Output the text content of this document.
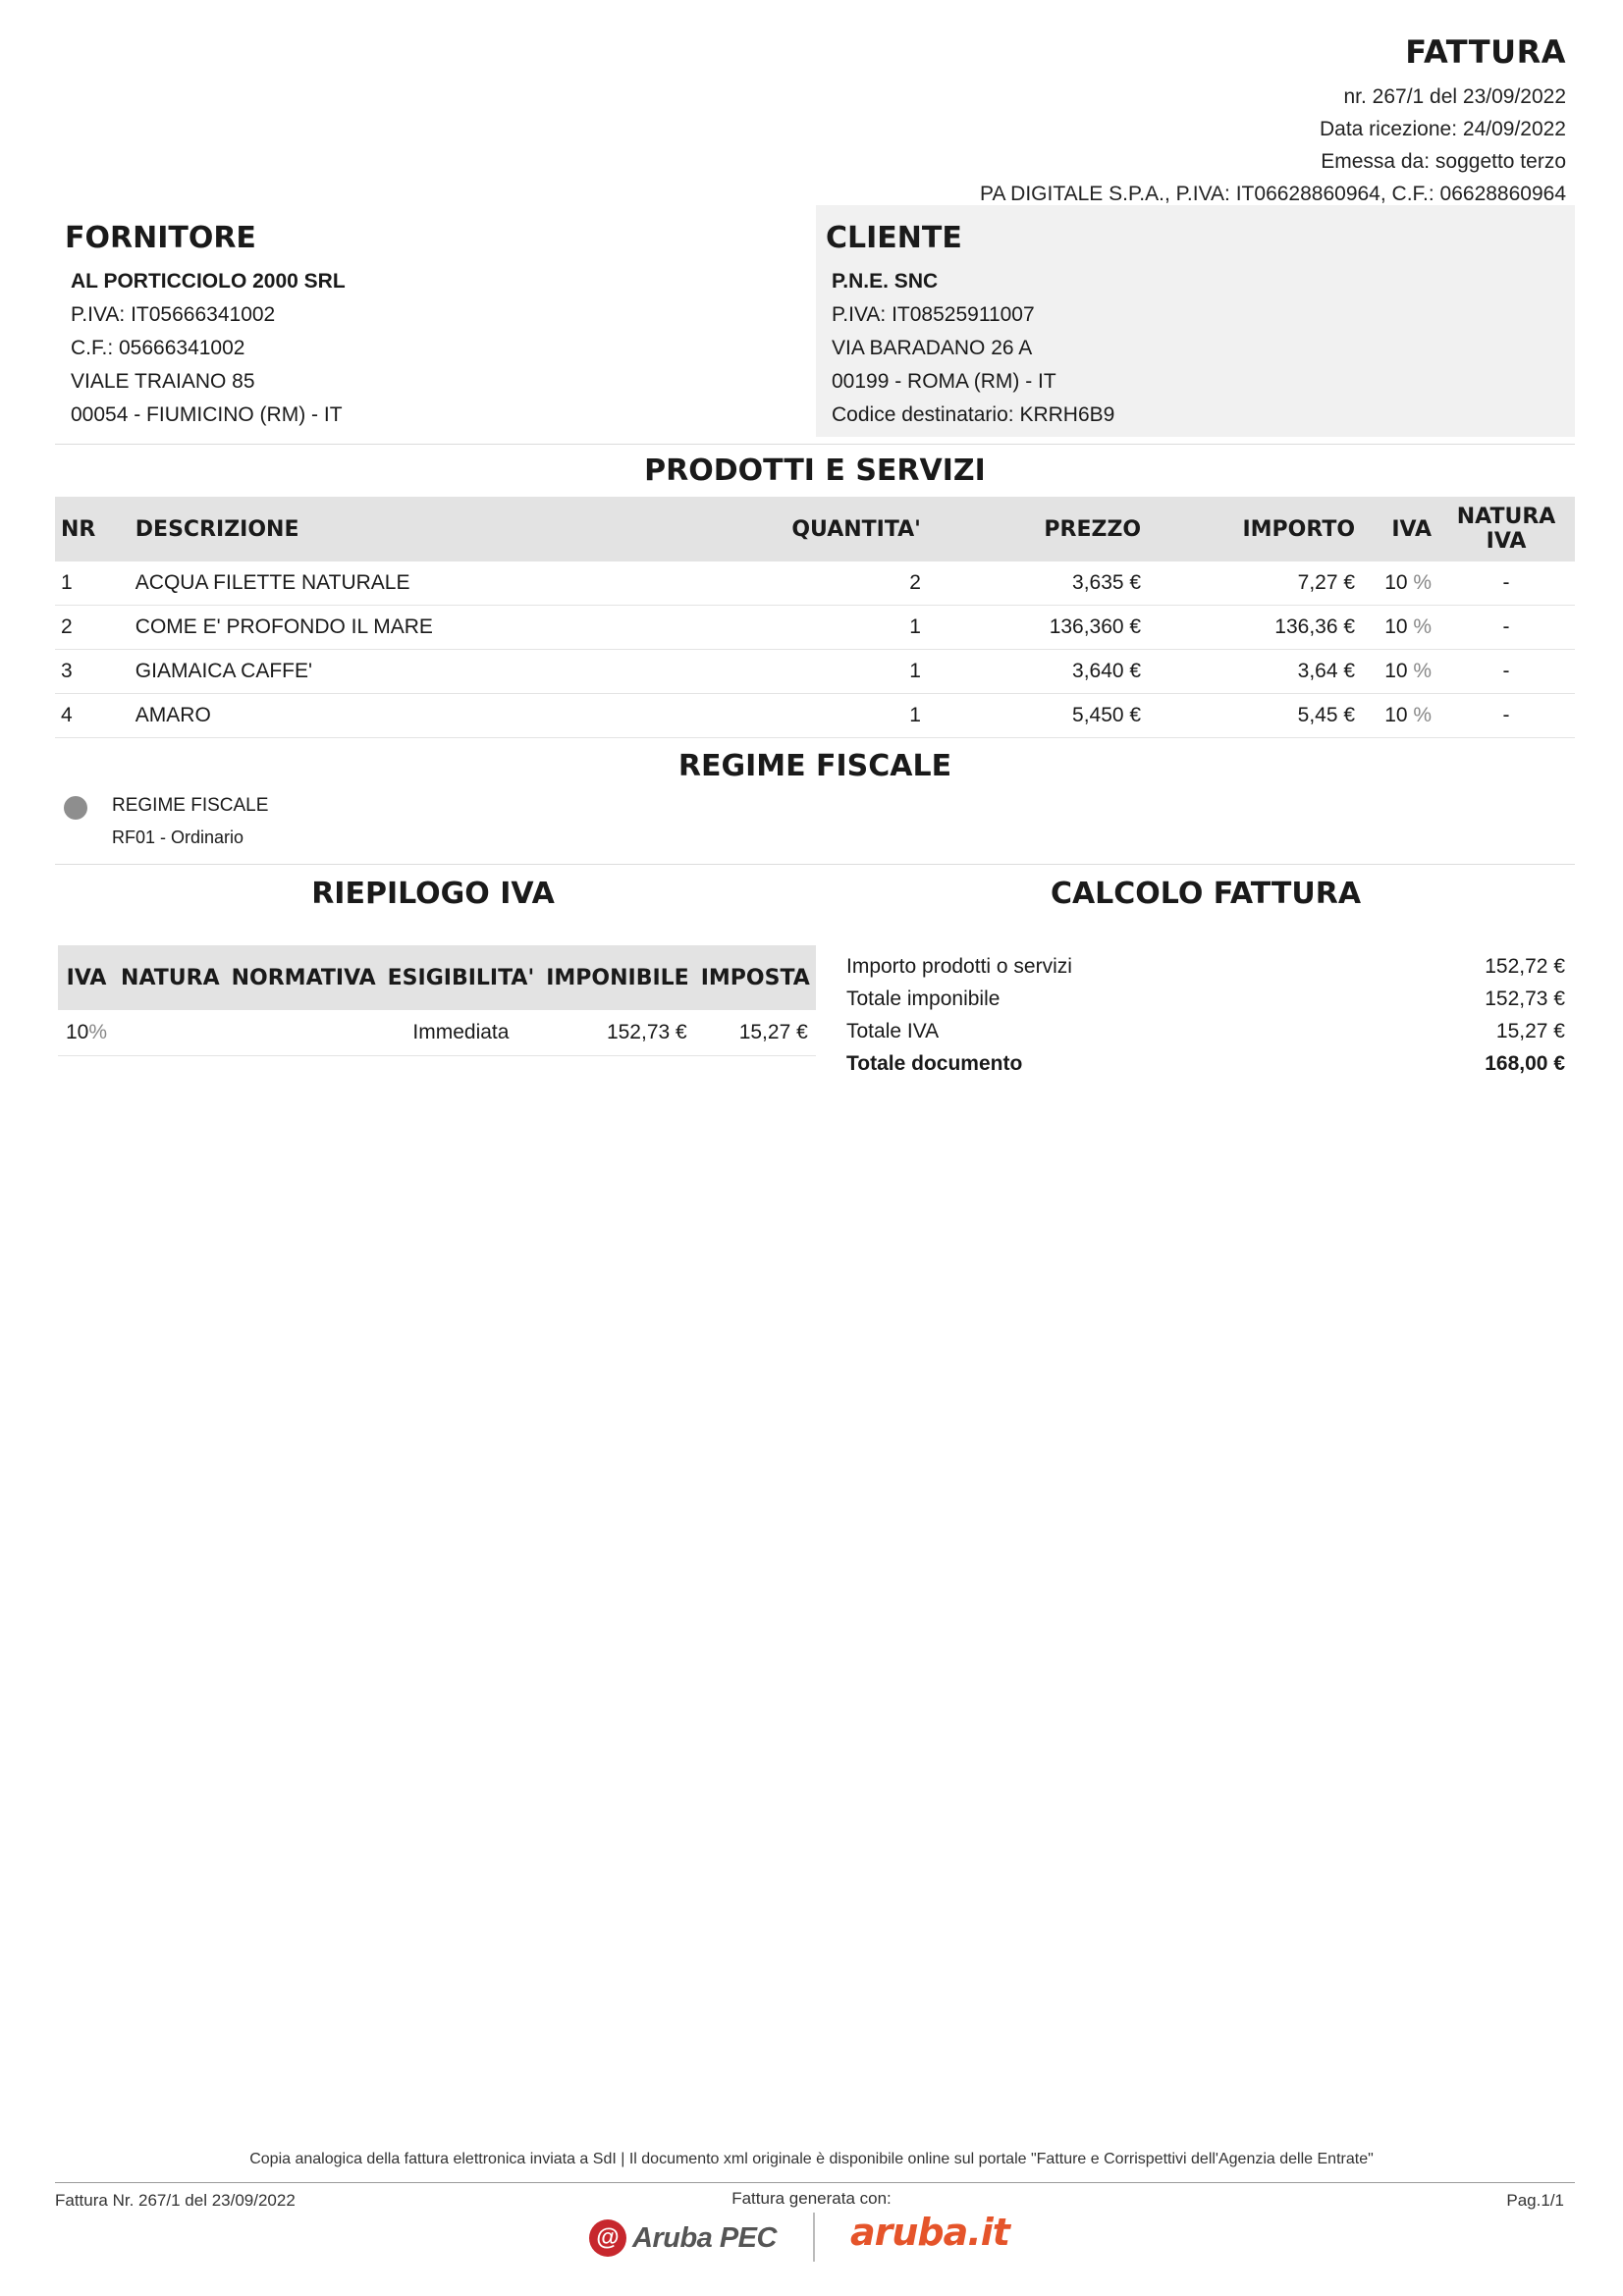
FATTURA
nr. 267/1 del 23/09/2022
Data ricezione: 24/09/2022
Emessa da: soggetto terzo
PA DIGITALE S.P.A., P.IVA: IT06628860964, C.F.: 06628860964
FORNITORE
AL PORTICCIOLO 2000 SRL
P.IVA: IT05666341002
C.F.: 05666341002
VIALE TRAIANO 85
00054 - FIUMICINO (RM) - IT
CLIENTE
P.N.E. SNC
P.IVA: IT08525911007
VIA BARADANO 26 A
00199 - ROMA (RM) - IT
Codice destinatario: KRRH6B9
PRODOTTI E SERVIZI
NR	DESCRIZIONE	QUANTITA'	PREZZO	IMPORTO	IVA	NATURA IVA
1	ACQUA FILETTE NATURALE	2	3,635 €	7,27 €	10 %	-
2	COME E' PROFONDO IL MARE	1	136,360 €	136,36 €	10 %	-
3	GIAMAICA CAFFE'	1	3,640 €	3,64 €	10 %	-
4	AMARO	1	5,450 €	5,45 €	10 %	-
REGIME FISCALE
REGIME FISCALE
RF01 - Ordinario
RIEPILOGO IVA
IVA	NATURA	NORMATIVA	ESIGIBILITA'	IMPONIBILE	IMPOSTA
10%			Immediata	152,73 €	15,27 €
CALCOLO FATTURA
Importo prodotti o servizi	152,72 €
Totale imponibile	152,73 €
Totale IVA	15,27 €
Totale documento	168,00 €
Copia analogica della fattura elettronica inviata a SdI | Il documento xml originale è disponibile online sul portale "Fatture e Corrispettivi dell'Agenzia delle Entrate"
Fattura Nr. 267/1 del 23/09/2022	Fattura generata con:	Pag.1/1
@ Aruba PEC aruba.it
